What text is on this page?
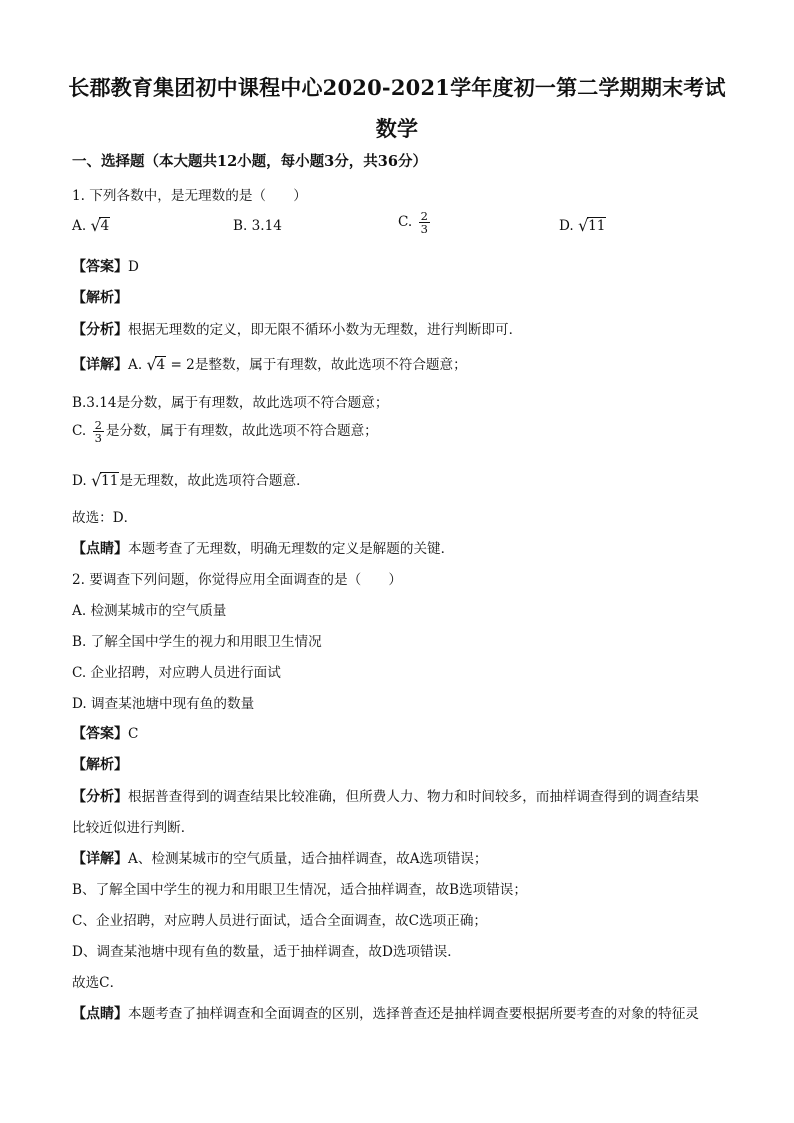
长郡教育集团初中课程中心2020-2021学年度初一第二学期期末考试
数学
一、选择题（本大题共12小题，每小题3分，共36分）
1. 下列各数中，是无理数的是（　　）
A. √ 4	B. 3.14	C. $\frac{2}{3}$	D. √ 11
【答案】D
【解析】
【分析】根据无理数的定义，即无限不循环小数为无理数，进行判断即可．
【详解】A. √ 4 = 2是整数，属于有理数，故此选项不符合题意；
B.3.14是分数，属于有理数，故此选项不符合题意；
C. $\frac{2}{3}$ 是分数，属于有理数，故此选项不符合题意；
D. √ 11是无理数，故此选项符合题意．
故选：D．
【点睛】本题考查了无理数，明确无理数的定义是解题的关键．
2. 要调查下列问题，你觉得应用全面调查的是（　　）
A. 检测某城市的空气质量
B. 了解全国中学生的视力和用眼卫生情况
C. 企业招聘，对应聘人员进行面试
D. 调查某池塘中现有鱼的数量
【答案】C
【解析】
【分析】根据普查得到的调查结果比较准确，但所费人力、物力和时间较多，而抽样调查得到的调查结果
比较近似进行判断．
【详解】A、检测某城市的空气质量，适合抽样调查，故A选项错误；
B、了解全国中学生的视力和用眼卫生情况，适合抽样调查，故B选项错误；
C、企业招聘，对应聘人员进行面试，适合全面调查，故C选项正确；
D、调查某池塘中现有鱼的数量，适于抽样调查，故D选项错误．
故选C．
【点睛】本题考查了抽样调查和全面调查的区别，选择普查还是抽样调查要根据所要考查的对象的特征灵
